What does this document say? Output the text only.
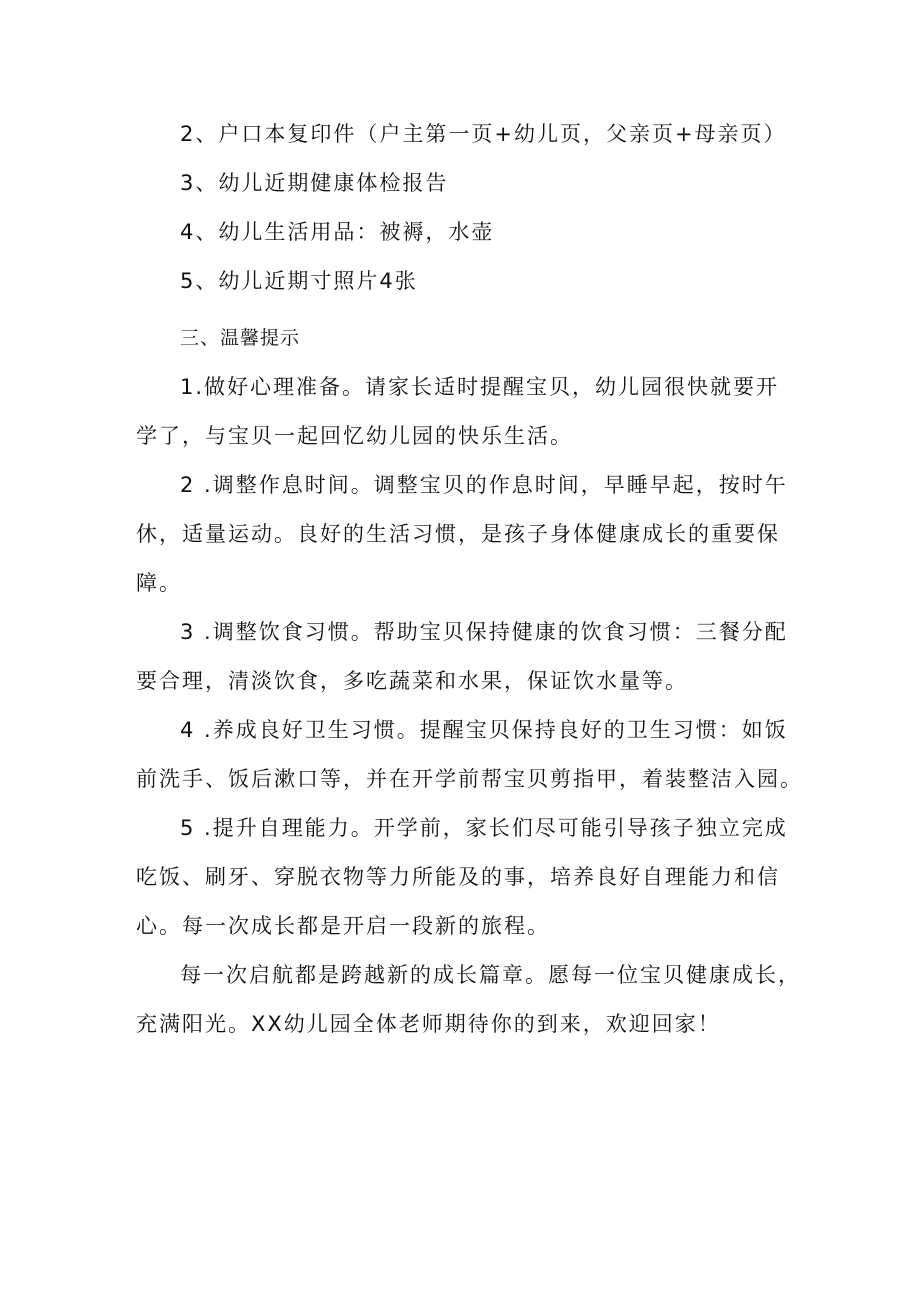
2、户口本复印件（户主第一页+幼儿页，父亲页+母亲页）

3、幼儿近期健康体检报告

4、幼儿生活用品：被褥，水壶

5、幼儿近期寸照片4张

三、温馨提示

1.做好心理准备。请家长适时提醒宝贝，幼儿园很快就要开

学了，与宝贝一起回忆幼儿园的快乐生活。

2 .调整作息时间。调整宝贝的作息时间，早睡早起，按时午

休，适量运动。良好的生活习惯，是孩子身体健康成长的重要保

障。

3 .调整饮食习惯。帮助宝贝保持健康的饮食习惯：三餐分配

要合理，清淡饮食，多吃蔬菜和水果，保证饮水量等。

4 .养成良好卫生习惯。提醒宝贝保持良好的卫生习惯：如饭

前洗手、饭后漱口等，并在开学前帮宝贝剪指甲，着装整洁入园。

5 .提升自理能力。开学前，家长们尽可能引导孩子独立完成

吃饭、刷牙、穿脱衣物等力所能及的事，培养良好自理能力和信

心。每一次成长都是开启一段新的旅程。

每一次启航都是跨越新的成长篇章。愿每一位宝贝健康成长，

充满阳光。XX幼儿园全体老师期待你的到来，欢迎回家！
